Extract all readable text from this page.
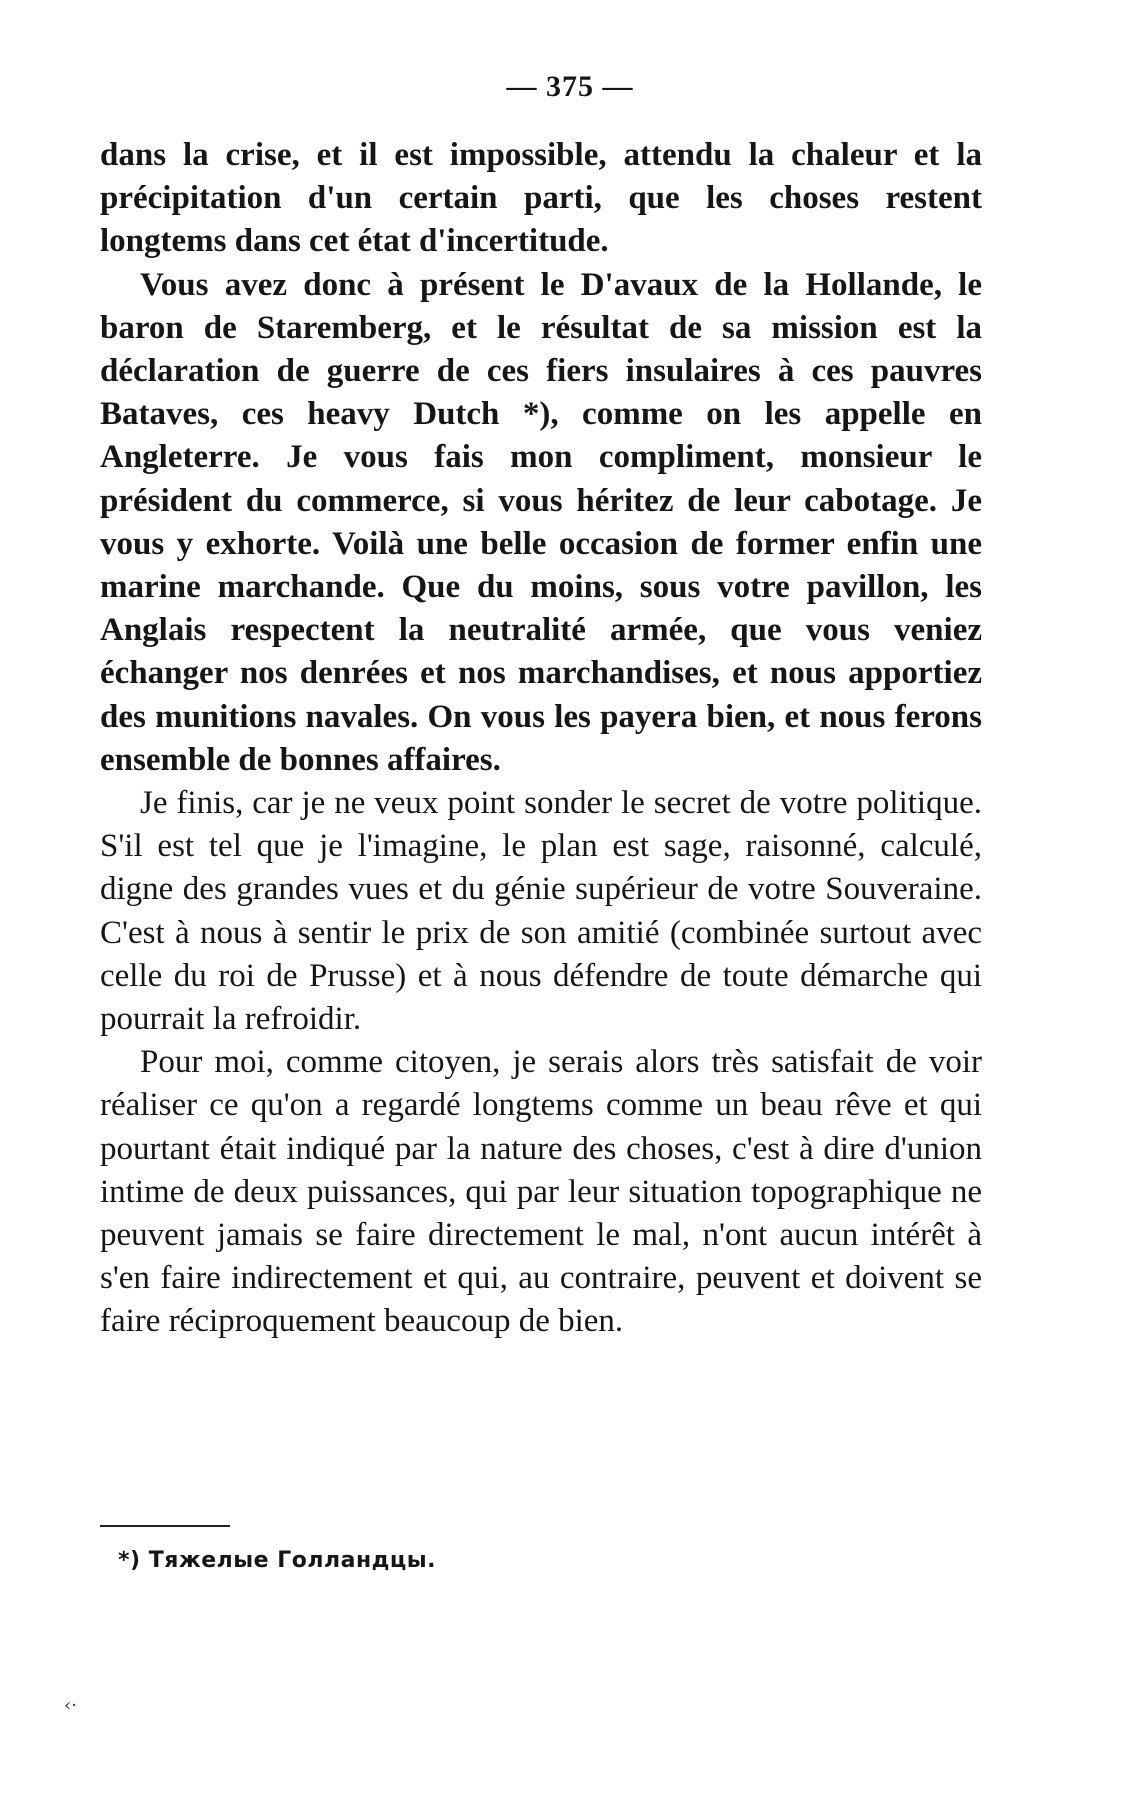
— 375 —

dans la crise, et il est impossible, attendu la chaleur et la précipitation d'un certain parti, que les choses restent longtems dans cet état d'incertitude.

Vous avez donc à présent le D'avaux de la Hollande, le baron de Staremberg, et le résultat de sa mission est la déclaration de guerre de ces fiers insulaires à ces pauvres Bataves, ces heavy Dutch *), comme on les appelle en Angleterre. Je vous fais mon compliment, monsieur le président du commerce, si vous héritez de leur cabotage. Je vous y exhorte. Voilà une belle occasion de former enfin une marine marchande. Que du moins, sous votre pavillon, les Anglais respectent la neutralité armée, que vous veniez échanger nos denrées et nos marchandises, et nous apportiez des munitions navales. On vous les payera bien, et nous ferons ensemble de bonnes affaires.

Je finis, car je ne veux point sonder le secret de votre politique. S'il est tel que je l'imagine, le plan est sage, raisonné, calculé, digne des grandes vues et du génie supérieur de votre Souveraine. C'est à nous à sentir le prix de son amitié (combinée surtout avec celle du roi de Prusse) et à nous défendre de toute démarche qui pourrait la refroidir.

Pour moi, comme citoyen, je serais alors très satisfait de voir réaliser ce qu'on a regardé longtems comme un beau rêve et qui pourtant était indiqué par la nature des choses, c'est à dire d'union intime de deux puissances, qui par leur situation topographique ne peuvent jamais se faire directement le mal, n'ont aucun intérêt à s'en faire indirectement et qui, au contraire, peuvent et doivent se faire réciproquement beaucoup de bien.

*) Тяжелые Голландцы.
‹·
